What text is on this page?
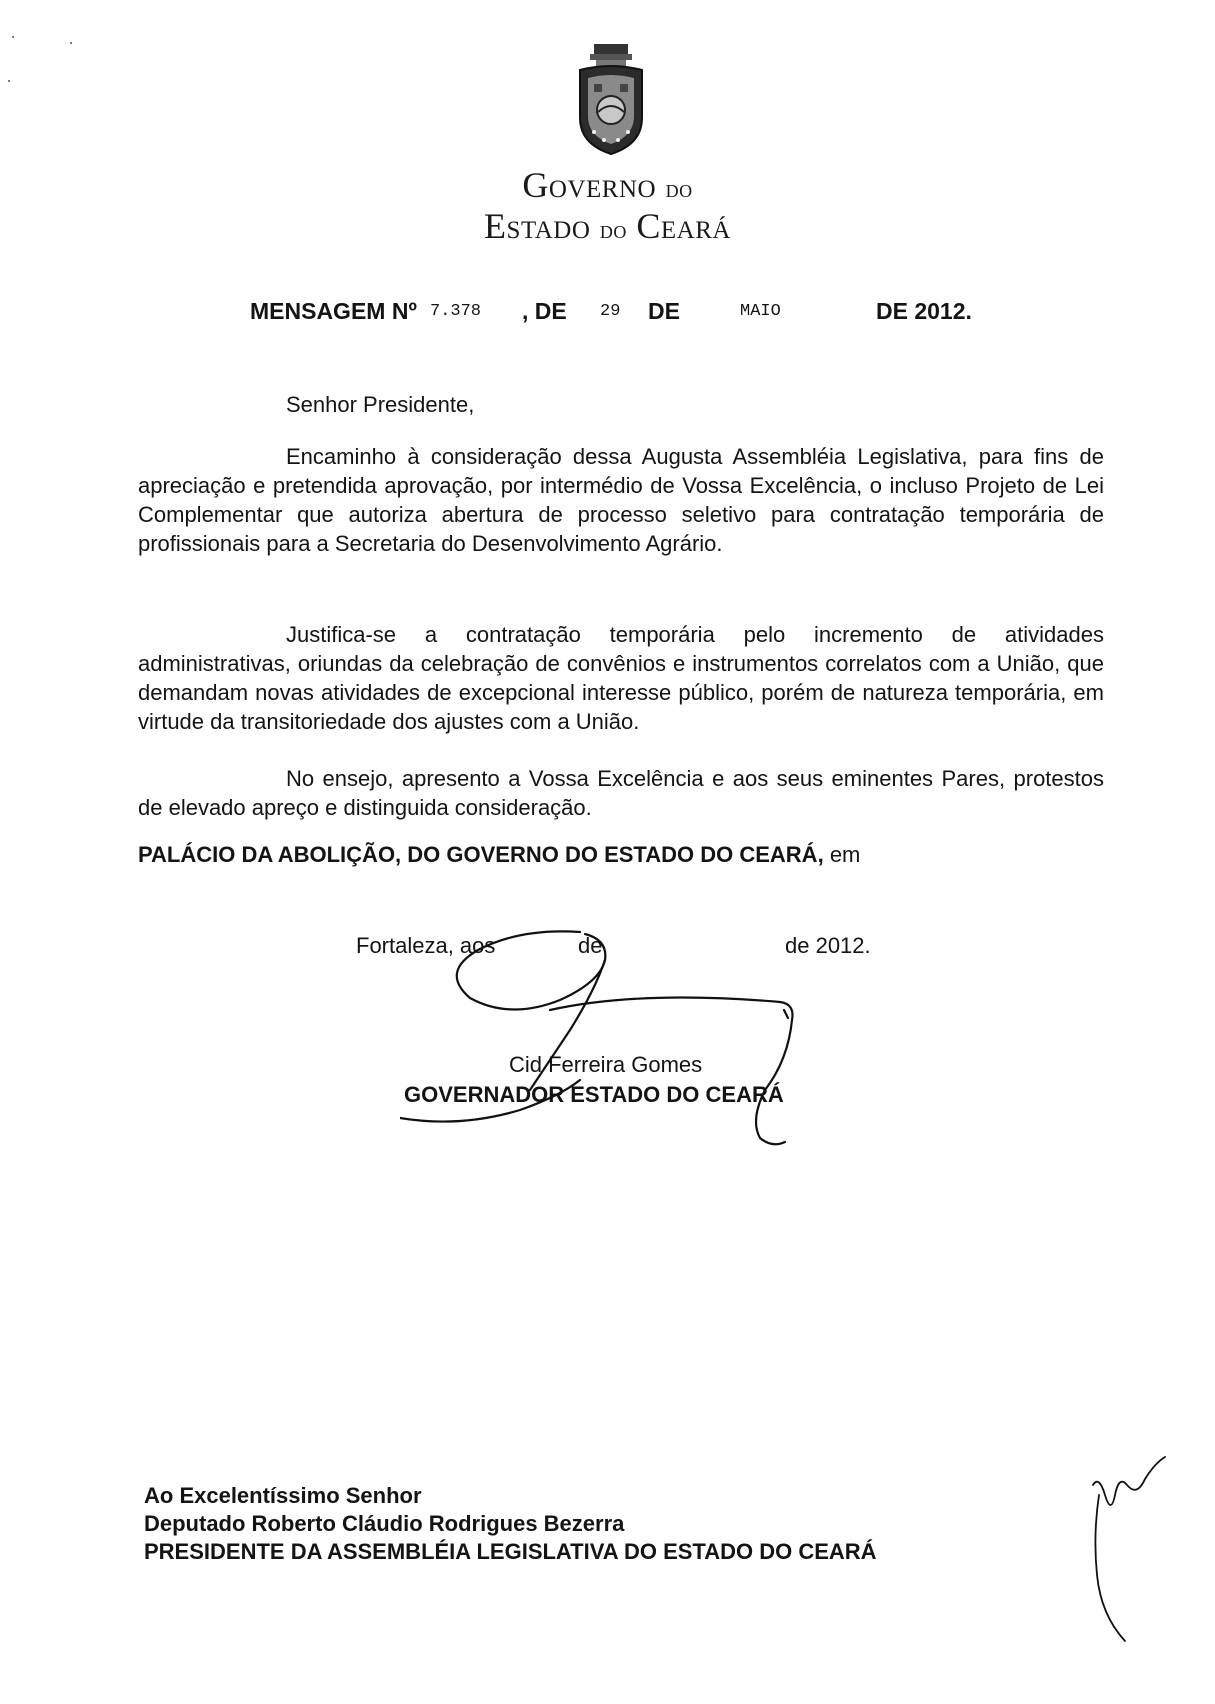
Governo do
Estado do Ceará
MENSAGEM Nº 7.378 , DE 29 DE	MAIO	DE 2012.
Senhor Presidente,

Encaminho à consideração dessa Augusta Assembléia Legislativa, para fins de apreciação e pretendida aprovação, por intermédio de Vossa Excelência, o incluso Projeto de Lei Complementar que autoriza abertura de processo seletivo para contratação temporária de profissionais para a Secretaria do Desenvolvimento Agrário.

Justifica-se a contratação temporária pelo incremento de atividades administrativas, oriundas da celebração de convênios e instrumentos correlatos com a União, que demandam novas atividades de excepcional interesse público, porém de natureza temporária, em virtude da transitoriedade dos ajustes com a União.

No ensejo, apresento a Vossa Excelência e aos seus eminentes Pares, protestos de elevado apreço e distinguida consideração.

PALÁCIO DA ABOLIÇÃO, DO GOVERNO DO ESTADO DO CEARÁ, em
Fortaleza, aos	de	de 2012.
Cid Ferreira Gomes
GOVERNADOR ESTADO DO CEARÁ
Ao Excelentíssimo Senhor
Deputado Roberto Cláudio Rodrigues Bezerra
PRESIDENTE DA ASSEMBLÉIA LEGISLATIVA DO ESTADO DO CEARÁ
